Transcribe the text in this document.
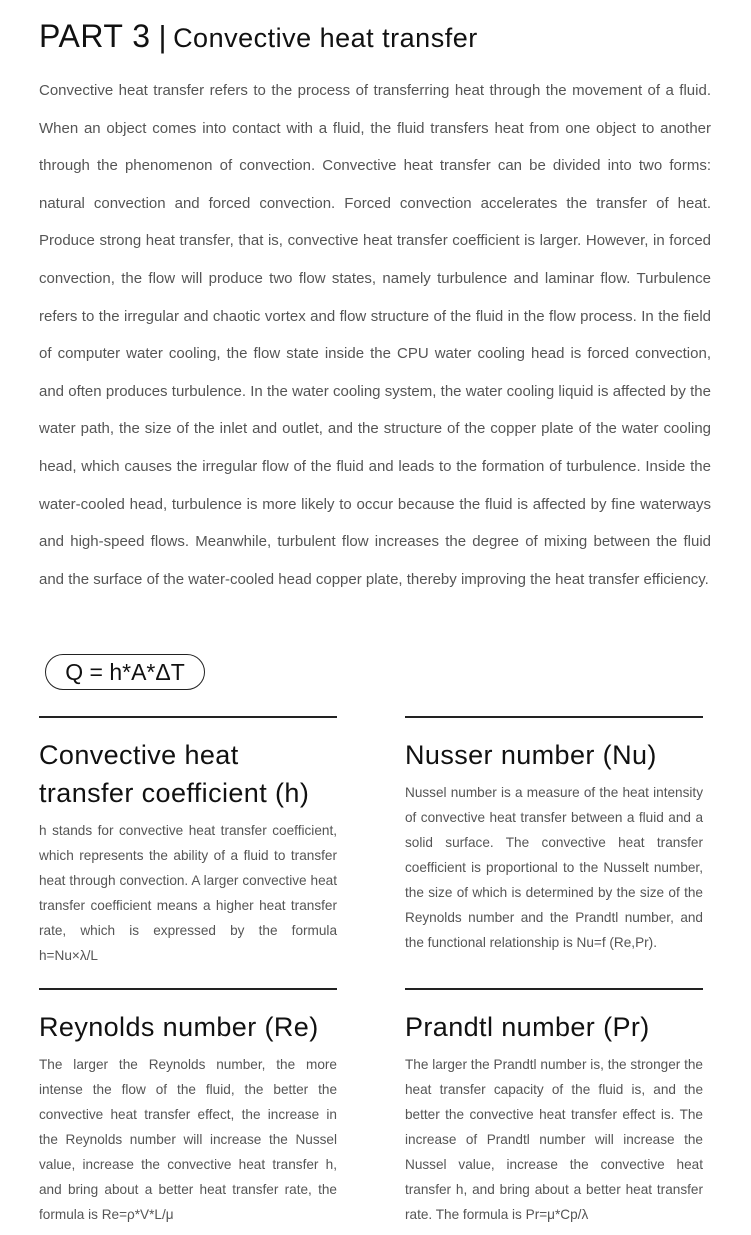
PART 3 | Convective heat transfer

Convective heat transfer refers to the process of transferring heat through the movement of a fluid. When an object comes into contact with a fluid, the fluid transfers heat from one object to another through the phenomenon of convection. Convective heat transfer can be divided into two forms: natural convection and forced convection. Forced convection accelerates the transfer of heat. Produce strong heat transfer, that is, convective heat transfer coefficient is larger. However, in forced convection, the flow will produce two flow states, namely turbulence and laminar flow. Turbulence refers to the irregular and chaotic vortex and flow structure of the fluid in the flow process. In the field of computer water cooling, the flow state inside the CPU water cooling head is forced convection, and often produces turbulence. In the water cooling system, the water cooling liquid is affected by the water path, the size of the inlet and outlet, and the structure of the copper plate of the water cooling head, which causes the irregular flow of the fluid and leads to the formation of turbulence. Inside the water-cooled head, turbulence is more likely to occur because the fluid is affected by fine waterways and high-speed flows. Meanwhile, turbulent flow increases the degree of mixing between the fluid and the surface of the water-cooled head copper plate, thereby improving the heat transfer efficiency.

Q = h*A*ΔT
Convective heat transfer coefficient (h)

h stands for convective heat transfer coefficient, which represents the ability of a fluid to transfer heat through convection. A larger convective heat transfer coefficient means a higher heat transfer rate, which is expressed by the formula h=Nu×λ/L

Nusser number (Nu)

Nussel number is a measure of the heat intensity of convective heat transfer between a fluid and a solid surface. The convective heat transfer coefficient is proportional to the Nusselt number, the size of which is determined by the size of the Reynolds number and the Prandtl number, and the functional relationship is Nu=f (Re,Pr).

Reynolds number (Re)

The larger the Reynolds number, the more intense the flow of the fluid, the better the convective heat transfer effect, the increase in the Reynolds number will increase the Nussel value, increase the convective heat transfer h, and bring about a better heat transfer rate, the formula is Re=ρ*V*L/μ

Prandtl number (Pr)

The larger the Prandtl number is, the stronger the heat transfer capacity of the fluid is, and the better the convective heat transfer effect is. The increase of Prandtl number will increase the Nussel value, increase the convective heat transfer h, and bring about a better heat transfer rate. The formula is Pr=μ*Cp/λ
